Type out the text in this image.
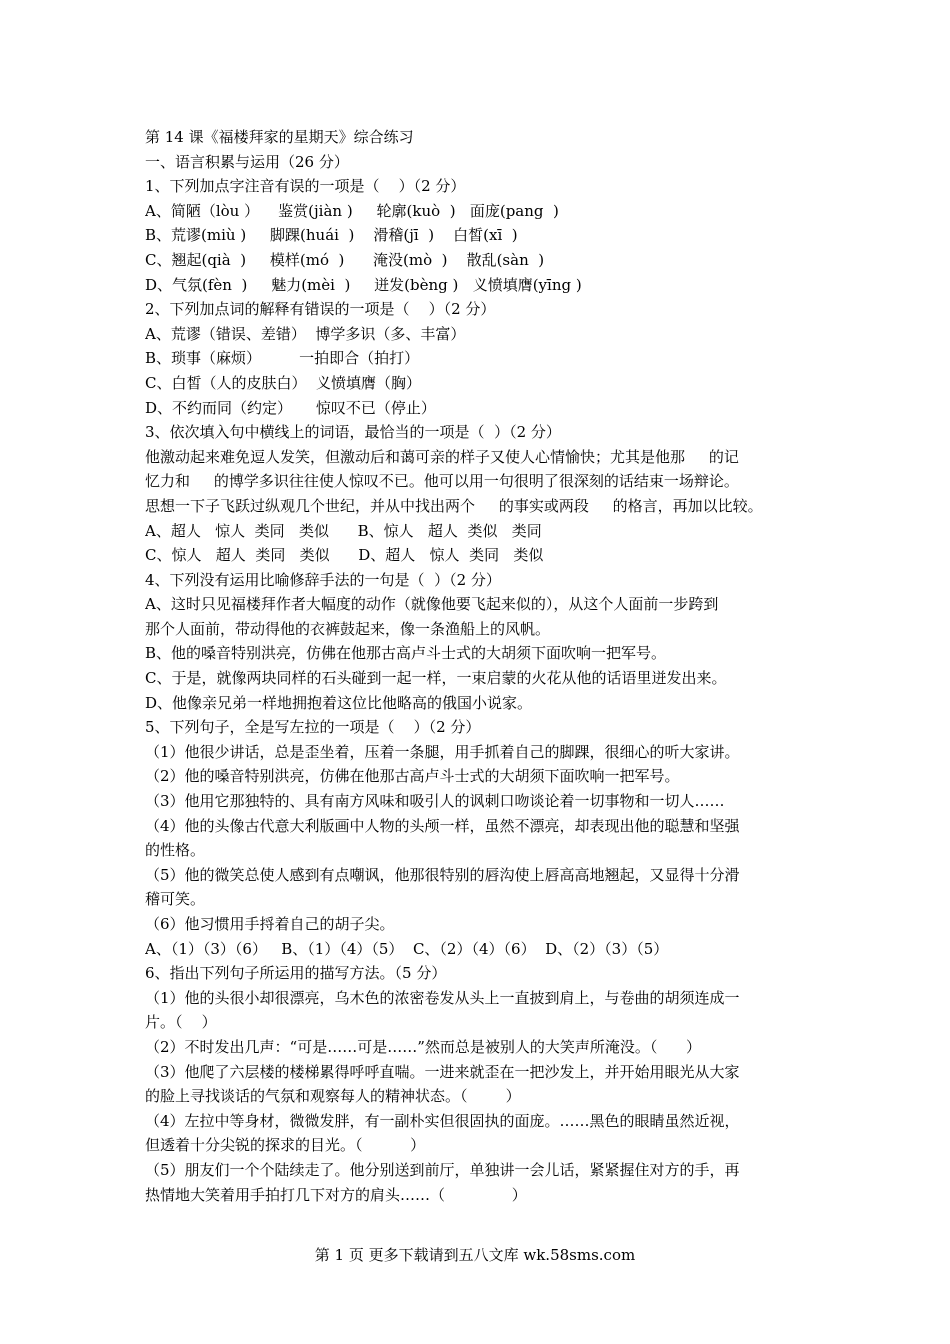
第 14 课《福楼拜家的星期天》综合练习
一、语言积累与运用（26 分）
1、下列加点字注音有误的一项是（    ）（2 分）
A、简陋（lòu ）    鉴赏(jiàn )     轮廓(kuò  )   面庞(pang  )
B、荒谬(miù )     脚踝(huái  )    滑稽(jī  )    白皙(xī  )
C、翘起(qià  )     模样(mó  )      淹没(mò  )    散乱(sàn  )
D、气氛(fèn  )     魅力(mèi  )     迸发(bèng )   义愤填膺(yīng )
2、下列加点词的解释有错误的一项是（    ）（2 分）
A、荒谬（错误、差错）  博学多识（多、丰富）
B、琐事（麻烦）        一拍即合（拍打）
C、白皙（人的皮肤白）  义愤填膺（胸）
D、不约而同（约定）     惊叹不已（停止）
3、依次填入句中横线上的词语，最恰当的一项是（  ）（2 分）
他激动起来难免逗人发笑，但激动后和蔼可亲的样子又使人心情愉快；尤其是他那     的记
忆力和     的博学多识往往使人惊叹不已。他可以用一句很明了很深刻的话结束一场辩论。
思想一下子飞跃过纵观几个世纪，并从中找出两个     的事实或两段     的格言，再加以比较。
A、超人   惊人  类同   类似      B、惊人   超人  类似   类同
C、惊人   超人  类同   类似      D、超人   惊人  类同   类似
4、下列没有运用比喻修辞手法的一句是（  ）（2 分）
A、这时只见福楼拜作者大幅度的动作（就像他要飞起来似的），从这个人面前一步跨到
那个人面前，带动得他的衣裤鼓起来，像一条渔船上的风帆。
B、他的嗓音特别洪亮，仿佛在他那古高卢斗士式的大胡须下面吹响一把军号。
C、于是，就像两块同样的石头碰到一起一样，一束启蒙的火花从他的话语里迸发出来。
D、他像亲兄弟一样地拥抱着这位比他略高的俄国小说家。
5、下列句子，全是写左拉的一项是（    ）（2 分）
（1）他很少讲话，总是歪坐着，压着一条腿，用手抓着自己的脚踝，很细心的听大家讲。
（2）他的嗓音特别洪亮，仿佛在他那古高卢斗士式的大胡须下面吹响一把军号。
（3）他用它那独特的、具有南方风味和吸引人的讽刺口吻谈论着一切事物和一切人……
（4）他的头像古代意大利版画中人物的头颅一样，虽然不漂亮，却表现出他的聪慧和坚强
的性格。
（5）他的微笑总使人感到有点嘲讽，他那很特别的唇沟使上唇高高地翘起，又显得十分滑
稽可笑。
（6）他习惯用手捋着自己的胡子尖。
A、（1）（3）（6）   B、（1）（4）（5）  C、（2）（4）（6）  D、（2）（3）（5）
6、指出下列句子所运用的描写方法。（5 分）
（1）他的头很小却很漂亮，乌木色的浓密卷发从头上一直披到肩上，与卷曲的胡须连成一
片。（    ）
（2）不时发出几声：“可是……可是……”然而总是被别人的大笑声所淹没。（      ）
（3）他爬了六层楼的楼梯累得呼呼直喘。一进来就歪在一把沙发上，并开始用眼光从大家
的脸上寻找谈话的气氛和观察每人的精神状态。（        ）
（4）左拉中等身材，微微发胖，有一副朴实但很固执的面庞。……黑色的眼睛虽然近视，
但透着十分尖锐的探求的目光。（          ）
（5）朋友们一个个陆续走了。他分别送到前厅，单独讲一会儿话，紧紧握住对方的手，再
热情地大笑着用手拍打几下对方的肩头……（              ）
第 1 页 更多下载请到五八文库 wk.58sms.com
